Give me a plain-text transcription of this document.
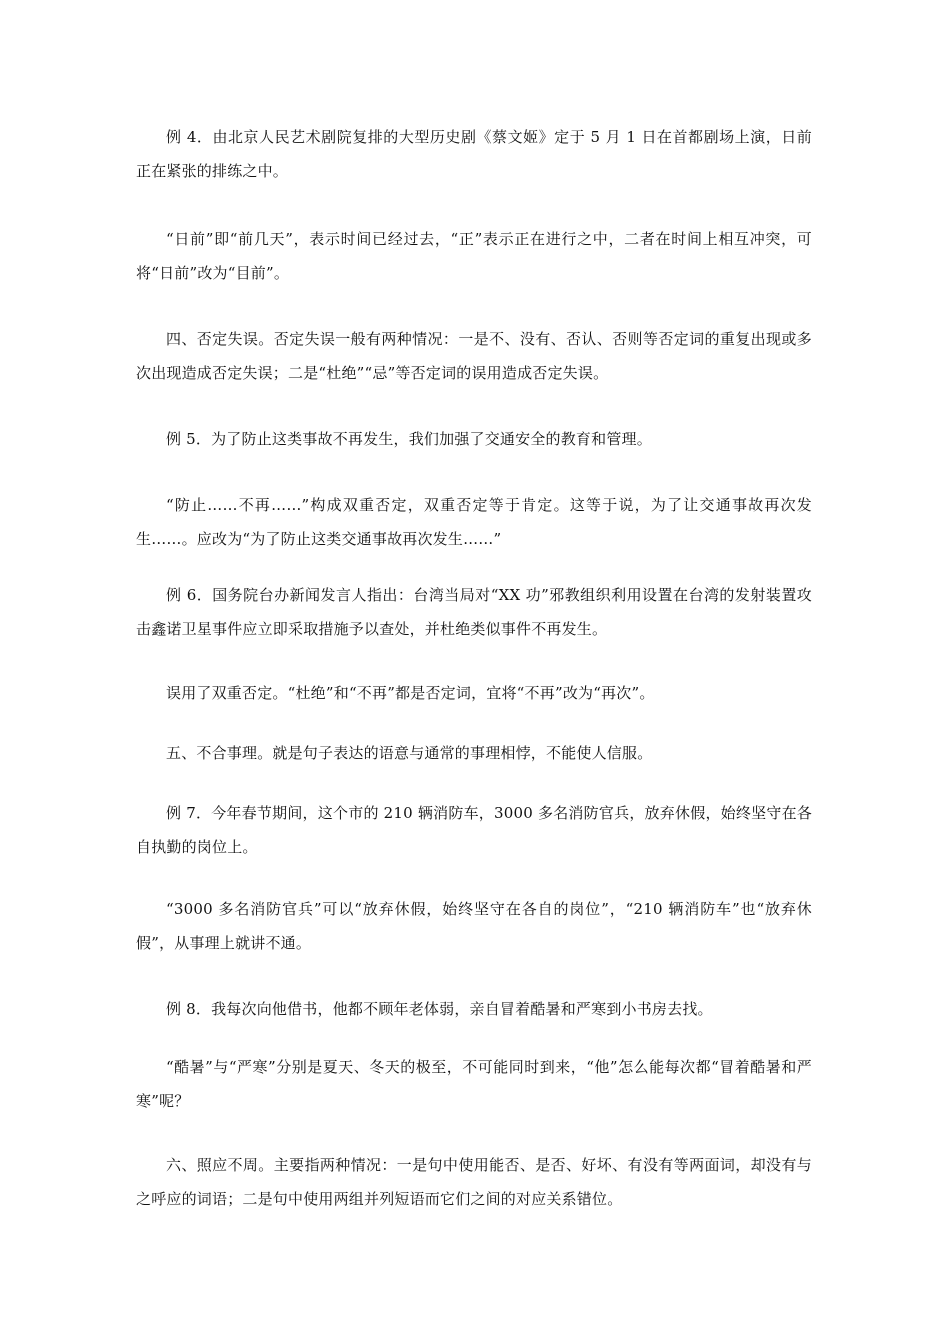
例 4．由北京人民艺术剧院复排的大型历史剧《蔡文姬》定于 5 月 1 日在首都剧场上演，日前正在紧张的排练之中。

“日前”即“前几天”，表示时间已经过去，“正”表示正在进行之中，二者在时间上相互冲突，可将“日前”改为“目前”。

四、否定失误。否定失误一般有两种情况：一是不、没有、否认、否则等否定词的重复出现或多次出现造成否定失误；二是“杜绝”“忌”等否定词的误用造成否定失误。

例 5．为了防止这类事故不再发生，我们加强了交通安全的教育和管理。

“防止……不再……”构成双重否定，双重否定等于肯定。这等于说，为了让交通事故再次发生……。应改为“为了防止这类交通事故再次发生……”

例 6．国务院台办新闻发言人指出：台湾当局对“XX 功”邪教组织利用设置在台湾的发射装置攻击鑫诺卫星事件应立即采取措施予以查处，并杜绝类似事件不再发生。

误用了双重否定。“杜绝”和“不再”都是否定词，宜将“不再”改为“再次”。

五、不合事理。就是句子表达的语意与通常的事理相悖，不能使人信服。

例 7．今年春节期间，这个市的 210 辆消防车，3000 多名消防官兵，放弃休假，始终坚守在各自执勤的岗位上。

“3000 多名消防官兵”可以“放弃休假，始终坚守在各自的岗位”，“210 辆消防车”也“放弃休假”，从事理上就讲不通。

例 8．我每次向他借书，他都不顾年老体弱，亲自冒着酷暑和严寒到小书房去找。

“酷暑”与“严寒”分别是夏天、冬天的极至，不可能同时到来，“他”怎么能每次都“冒着酷暑和严寒”呢？

六、照应不周。主要指两种情况：一是句中使用能否、是否、好坏、有没有等两面词，却没有与之呼应的词语；二是句中使用两组并列短语而它们之间的对应关系错位。
